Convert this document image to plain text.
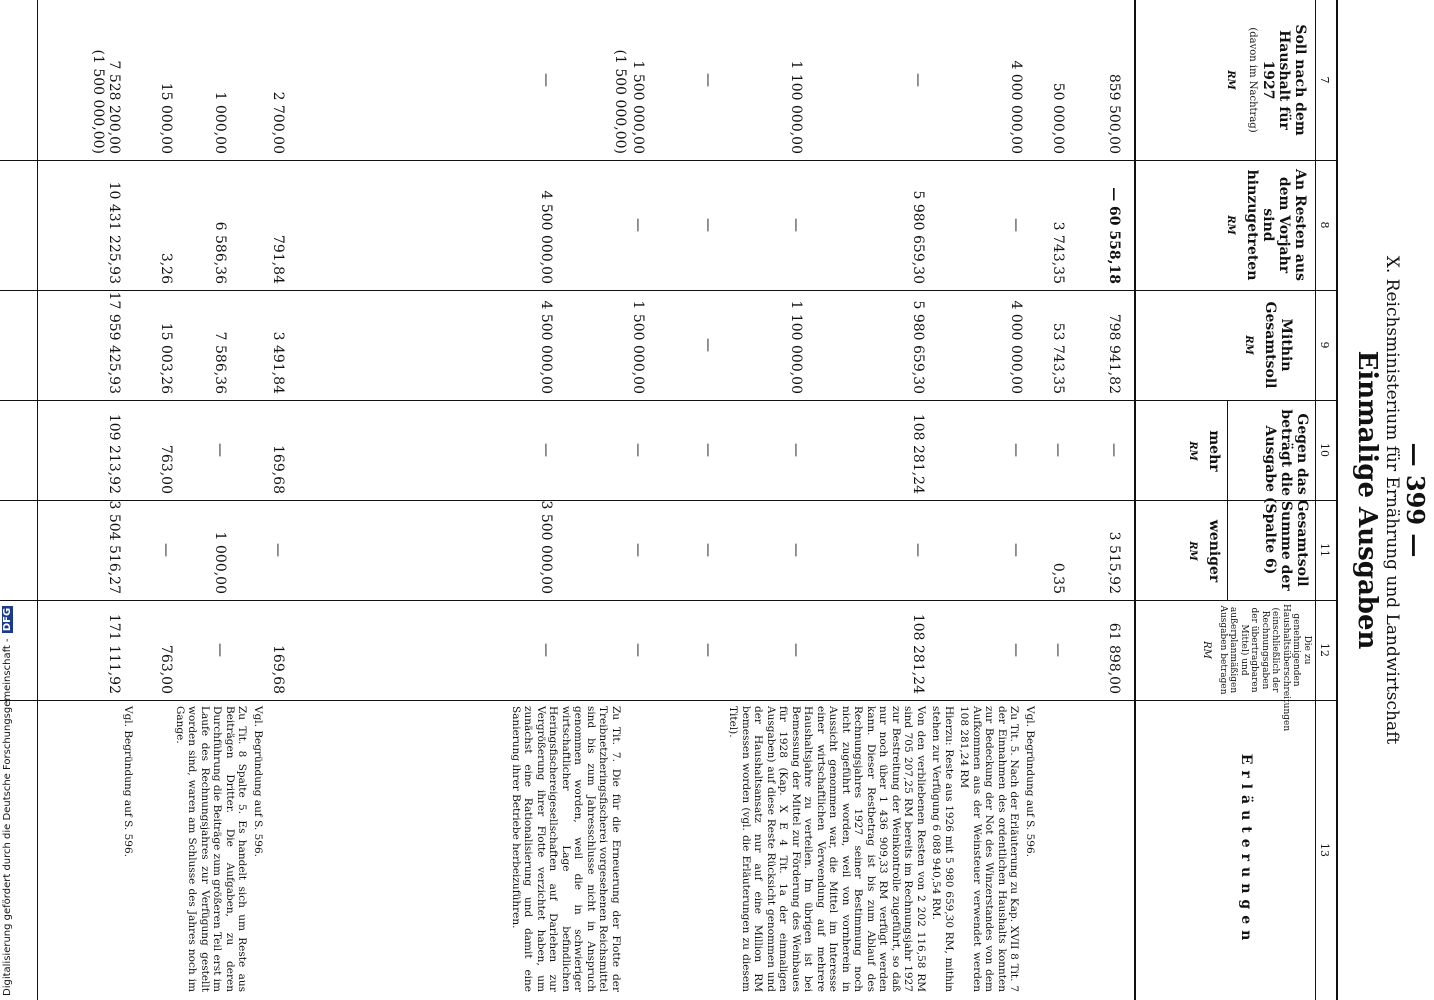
— 399 —
X. Reichsministerium für Ernährung und Landwirtschaft
Einmalige Ausgaben
7
8
9
10
11
12
13
Soll nach dem Haushalt für 1927
(davon im Nachtrag)
RM
An Resten aus dem Vorjahr sind hinzugetreten
RM
Mithin Gesamtsoll
RM
Gegen das Gesamtsoll beträgt die Summe der Ausgabe (Spalte 6)
mehr
RM
weniger
RM
Die zu genehmigenden Haushaltsüberschreitungen (einschließlich der Rechnungsgaben der übertragbaren Mittel) und außerplanmäßigen Ausgaben betragen
RM
Erläuterungen
859 500,00
— 60 558,18
798 941,82
—
3 515,92
61 898,00
50 000,00
3 743,35
53 743,35
—
0,35
—
4 000 000,00
—
4 000 000,00
—
—
—
—
5 980 659,30
5 980 659,30
108 281,24
—
108 281,24
1 100 000,00
—
1 100 000,00
—
—
—
—
—
—
—
—
—
1 500 000,00
—
1 500 000,00
—
—
—
(1 500 000,00)
—
4 500 000,00
4 500 000,00
—
3 500 000,00
—
2 700,00
791,84
3 491,84
169,68
—
169,68
1 000,00
6 586,36
7 586,36
—
1 000,00
—
15 000,00
3,26
15 003,26
763,00
—
763,00
7 528 200,00
10 431 225,93
17 959 425,93
109 213,92
3 504 516,27
171 111,92
(1 500 000,00)

Vgl. Begründung auf S. 596.

Zu Tit. 5. Nach der Erläuterung zu Kap. XVII 8 Tit. 7 der Einnahmen des ordentlichen Haushalts konnten zur Bedeckung der Not des Winzerstandes von dem Aufkommen aus der Weinsteuer verwendet werden 108 281,24 RM

Hierzu: Reste aus 1926 mit 5 980 659,30 RM, mithin stehen zur Verfügung 6 088 940,54 RM.

Von den verbliebenen Resten von 2 202 116,58 RM sind 705 207,25 RM bereits im Rechnungsjahr 1927 zur Bestreitung der Weinkontrolle zugeführt, so daß nur noch über 1 436 909,33 RM verfügt werden kann. Dieser Restbetrag ist bis zum Ablauf des Rechnungsjahres 1927 seiner Bestimmung noch nicht zugeführt worden, weil von vornherein in Aussicht genommen war, die Mittel im Interesse einer wirtschaftlichen Verwendung auf mehrere Haushaltsjahre zu verteilen. Im übrigen ist bei Bemessung der Mittel zur Förderung des Weinbaues für 1928 (Kap. X E 4 Tit. 1a der einmaligen Ausgaben) auf diese Reste Rücksicht genommen und der Haushaltsansatz nur auf eine Million RM bemessen worden (vgl. die Erläuterungen zu diesem Titel).

Zu Tit. 7. Die für die Erneuerung der Flotte der Treibnetzheringsfischerei vorgesehenen Reichsmittel sind bis zum Jahresschlusse nicht in Anspruch genommen worden, weil die in schwieriger wirtschaftlicher Lage befindlichen Heringsfischereigesellschaften auf Darlehen zur Vergrößerung ihrer Flotte verzichtet haben, um zunächst eine Rationalisierung und damit eine Sanierung ihrer Betriebe herbeizuführen.

Vgl. Begründung auf S. 596.

Zu Tit. 8 Spalte 5. Es handelt sich um Reste aus Beiträgen Dritter. Die Aufgaben, zu deren Durchführung die Beiträge zum größeren Teil erst im Laufe des Rechnungsjahres zur Verfügung gestellt worden sind, waren am Schlusse des Jahres noch im Gange.

Vgl. Begründung auf S. 596.
Digitalisierung gefördert durch die Deutsche Forschungsgemeinschaft - DFG
